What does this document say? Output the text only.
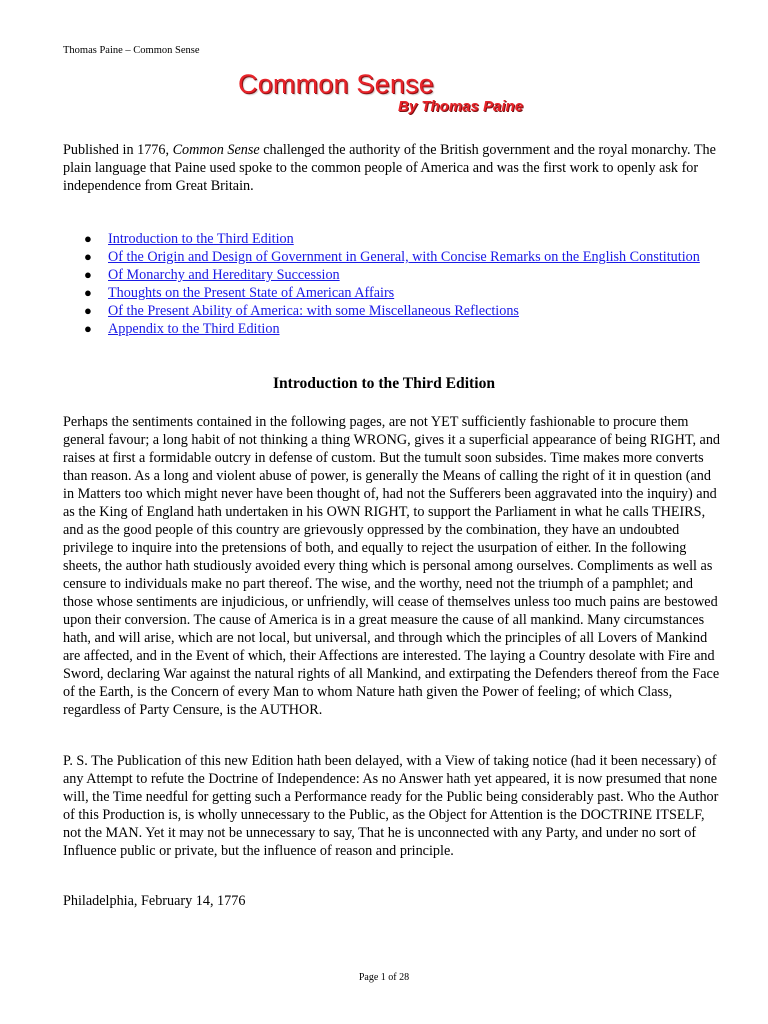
Thomas Paine – Common Sense
Common Sense
By Thomas Paine

Published in 1776, Common Sense challenged the authority of the British government and the royal monarchy. The plain language that Paine used spoke to the common people of America and was the first work to openly ask for independence from Great Britain.

● Introduction to the Third Edition
● Of the Origin and Design of Government in General, with Concise Remarks on the English Constitution
● Of Monarchy and Hereditary Succession
● Thoughts on the Present State of American Affairs
● Of the Present Ability of America: with some Miscellaneous Reflections
● Appendix to the Third Edition
Introduction to the Third Edition

Perhaps the sentiments contained in the following pages, are not YET sufficiently fashionable to procure them general favour; a long habit of not thinking a thing WRONG, gives it a superficial appearance of being RIGHT, and raises at first a formidable outcry in defense of custom. But the tumult soon subsides. Time makes more converts than reason. As a long and violent abuse of power, is generally the Means of calling the right of it in question (and in Matters too which might never have been thought of, had not the Sufferers been aggravated into the inquiry) and as the King of England hath undertaken in his OWN RIGHT, to support the Parliament in what he calls THEIRS, and as the good people of this country are grievously oppressed by the combination, they have an undoubted privilege to inquire into the pretensions of both, and equally to reject the usurpation of either. In the following sheets, the author hath studiously avoided every thing which is personal among ourselves. Compliments as well as censure to individuals make no part thereof. The wise, and the worthy, need not the triumph of a pamphlet; and those whose sentiments are injudicious, or unfriendly, will cease of themselves unless too much pains are bestowed upon their conversion. The cause of America is in a great measure the cause of all mankind. Many circumstances hath, and will arise, which are not local, but universal, and through which the principles of all Lovers of Mankind are affected, and in the Event of which, their Affections are interested. The laying a Country desolate with Fire and Sword, declaring War against the natural rights of all Mankind, and extirpating the Defenders thereof from the Face of the Earth, is the Concern of every Man to whom Nature hath given the Power of feeling; of which Class, regardless of Party Censure, is the AUTHOR.

P. S. The Publication of this new Edition hath been delayed, with a View of taking notice (had it been necessary) of any Attempt to refute the Doctrine of Independence: As no Answer hath yet appeared, it is now presumed that none will, the Time needful for getting such a Performance ready for the Public being considerably past. Who the Author of this Production is, is wholly unnecessary to the Public, as the Object for Attention is the DOCTRINE ITSELF, not the MAN. Yet it may not be unnecessary to say, That he is unconnected with any Party, and under no sort of Influence public or private, but the influence of reason and principle.

Philadelphia, February 14, 1776

Page 1 of 28
